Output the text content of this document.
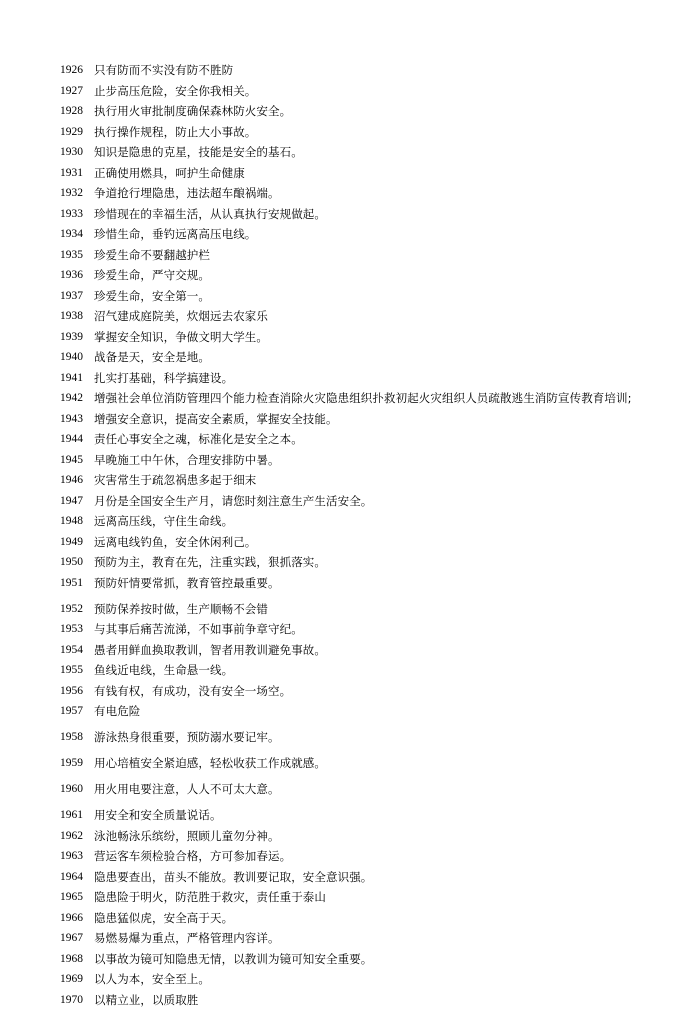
1926 只有防而不实没有防不胜防
1927 止步高压危险，安全你我相关。
1928 执行用火审批制度确保森林防火安全。
1929 执行操作规程，防止大小事故。
1930 知识是隐患的克星，技能是安全的基石。
1931 正确使用燃具，呵护生命健康
1932 争道抢行埋隐患，违法超车酿祸端。
1933 珍惜现在的幸福生活，从认真执行安规做起。
1934 珍惜生命，垂钓远离高压电线。
1935 珍爱生命不要翻越护栏
1936 珍爱生命，严守交规。
1937 珍爱生命，安全第一。
1938 沼气建成庭院美，炊烟远去农家乐
1939 掌握安全知识，争做文明大学生。
1940 战备是天，安全是地。
1941 扎实打基础，科学搞建设。
1942 增强社会单位消防管理四个能力检查消除火灾隐患组织扑救初起火灾组织人员疏散逃生消防宣传教育培训;
1943 增强安全意识，提高安全素质，掌握安全技能。
1944 责任心事安全之魂，标准化是安全之本。
1945 早晚施工中午休，合理安排防中暑。
1946 灾害常生于疏忽祸患多起于细末
1947 月份是全国安全生产月，请您时刻注意生产生活安全。
1948 远离高压线，守住生命线。
1949 远离电线钓鱼，安全休闲利己。
1950 预防为主，教育在先，注重实践，狠抓落实。
1951 预防奸情要常抓，教育管控最重要。
1952 预防保养按时做，生产顺畅不会错
1953 与其事后痛苦流涕，不如事前争章守纪。
1954 愚者用鲜血换取教训，智者用教训避免事故。
1955 鱼线近电线，生命悬一线。
1956 有钱有权，有成功，没有安全一场空。
1957 有电危险
1958 游泳热身很重要，预防溺水要记牢。
1959 用心培植安全紧迫感，轻松收获工作成就感。
1960 用火用电要注意，人人不可太大意。
1961 用安全和安全质量说话。
1962 泳池畅泳乐缤纷，照顾儿童勿分神。
1963 营运客车须检验合格，方可参加春运。
1964 隐患要查出，苗头不能放。教训要记取，安全意识强。
1965 隐患险于明火，防范胜于救灾，责任重于泰山
1966 隐患猛似虎，安全高于天。
1967 易燃易爆为重点，严格管理内容详。
1968 以事故为镜可知隐患无情，以教训为镜可知安全重要。
1969 以人为本，安全至上。
1970 以精立业，以质取胜
